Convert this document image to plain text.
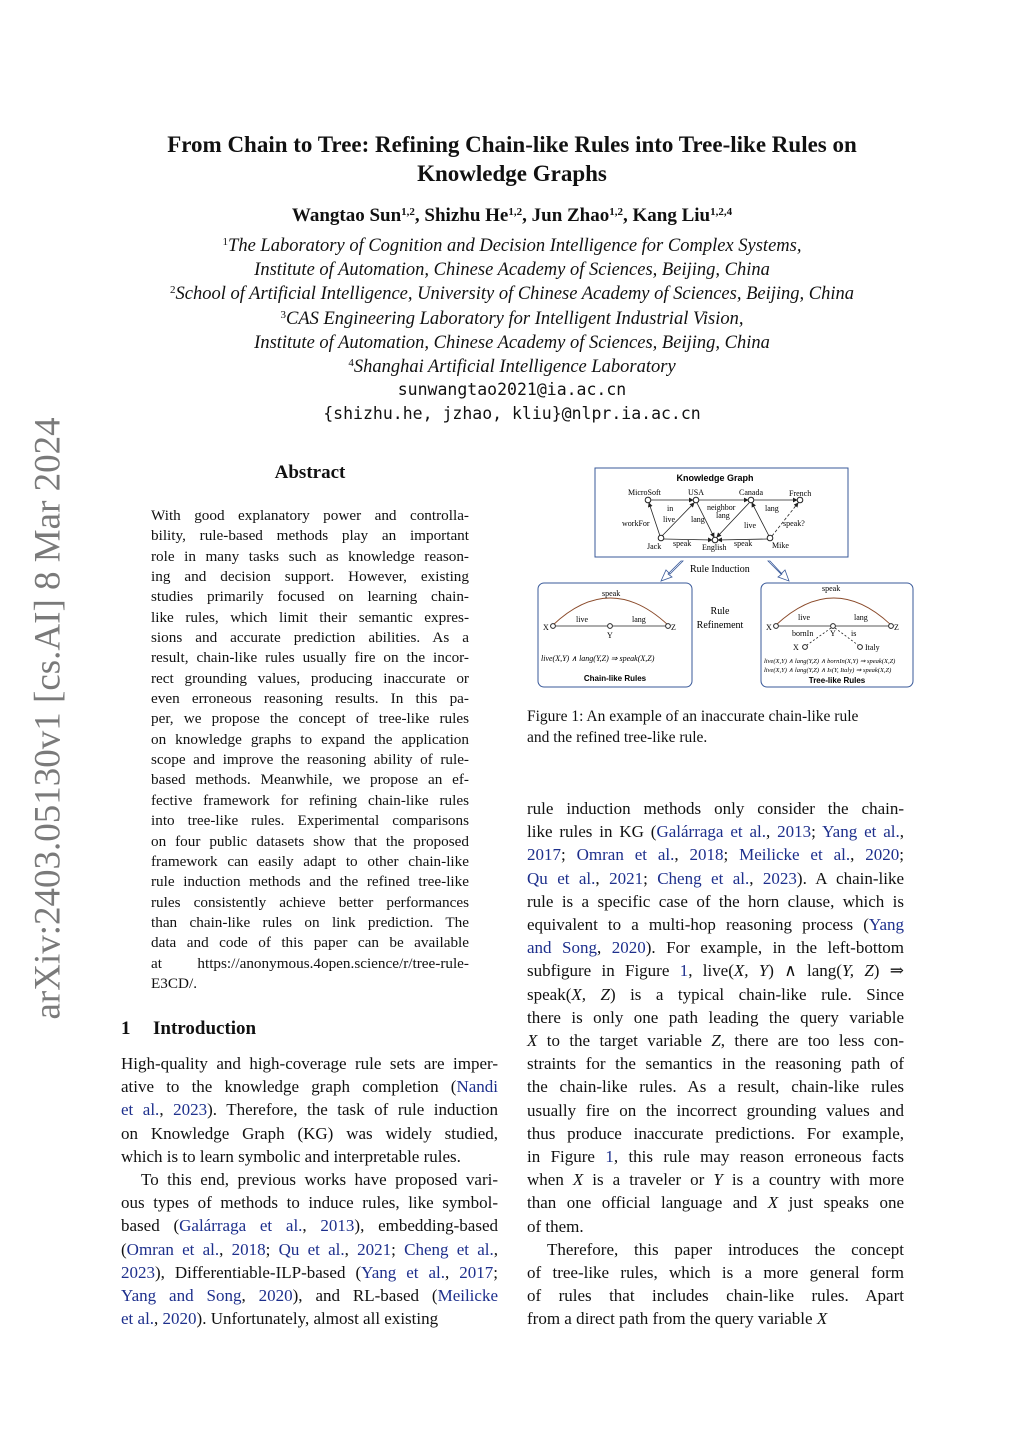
arXiv:2403.05130v1 [cs.AI] 8 Mar 2024
From Chain to Tree: Refining Chain-like Rules into Tree-like Rules on
Knowledge Graphs
Wangtao Sun$^{1,2}$, Shizhu He$^{1,2}$, Jun Zhao$^{1,2}$, Kang Liu$^{1,2,4}$
$^1$The Laboratory of Cognition and Decision Intelligence for Complex Systems,
Institute of Automation, Chinese Academy of Sciences, Beijing, China
$^2$School of Artificial Intelligence, University of Chinese Academy of Sciences, Beijing, China
$^3$CAS Engineering Laboratory for Intelligent Industrial Vision,
Institute of Automation, Chinese Academy of Sciences, Beijing, China
$^4$Shanghai Artificial Intelligence Laboratory
sunwangtao2021@ia.ac.cn
{shizhu.he, jzhao, kliu}@nlpr.ia.ac.cn
Abstract
With good explanatory power and controlla-
bility, rule-based methods play an important
role in many tasks such as knowledge reason-
ing and decision support. However, existing
studies primarily focused on learning chain-
like rules, which limit their semantic expres-
sions and accurate prediction abilities. As a
result, chain-like rules usually fire on the incor-
rect grounding values, producing inaccurate or
even erroneous reasoning results. In this pa-
per, we propose the concept of tree-like rules
on knowledge graphs to expand the application
scope and improve the reasoning ability of rule-
based methods. Meanwhile, we propose an ef-
fective framework for refining chain-like rules
into tree-like rules. Experimental comparisons
on four public datasets show that the proposed
framework can easily adapt to other chain-like
rule induction methods and the refined tree-like
rules consistently achieve better performances
than chain-like rules on link prediction. The
data and code of this paper can be available
at https://anonymous.4open.science/r/tree-rule-
E3CD/.
1 Introduction
High-quality and high-coverage rule sets are imper-
ative to the knowledge graph completion (Nandi
et al., 2023). Therefore, the task of rule induction
on Knowledge Graph (KG) was widely studied,
which is to learn symbolic and interpretable rules.
To this end, previous works have proposed vari-
ous types of methods to induce rules, like symbol-
based (Galárraga et al., 2013), embedding-based
(Omran et al., 2018; Qu et al., 2021; Cheng et al.,
2023), Differentiable-ILP-based (Yang et al., 2017;
Yang and Song, 2020), and RL-based (Meilicke
et al., 2020). Unfortunately, almost all existing
rule induction methods only consider the chain-
like rules in KG (Galárraga et al., 2013; Yang et al.,
2017; Omran et al., 2018; Meilicke et al., 2020;
Qu et al., 2021; Cheng et al., 2023). A chain-like
rule is a specific case of the horn clause, which is
equivalent to a multi-hop reasoning process (Yang
and Song, 2020). For example, in the left-bottom
subfigure in Figure 1, live(X, Y) ∧ lang(Y, Z) ⇒
speak(X, Z) is a typical chain-like rule. Since
there is only one path leading the query variable
X to the target variable Z, there are too less con-
straints for the semantics in the reasoning path of
the chain-like rules. As a result, chain-like rules
usually fire on the incorrect grounding values and
thus produce inaccurate predictions. For example,
in Figure 1, this rule may reason erroneous facts
when X is a traveler or Y is a country with more
than one official language and X just speaks one
of them.
Therefore, this paper introduces the concept
of tree-like rules, which is a more general form
of rules that includes chain-like rules. Apart
from a direct path from the query variable X
Knowledge Graph
MicroSoft	USA	Canada	French
in	neighbor
workFor live lang lang
lang
live	speak?
Jack speak English speak Mike
Rule Induction
speak
X
Y
Z
live	lang
live(X,Y) ∧ lang(Y,Z) ⇒ speak(X,Z)
Chain-like Rules
Rule
Refinement
speak
X
Y
Z
live	lang
bornIn	is
X	Italy
live(X,Y) ∧ lang(Y,Z) ∧ bornIn(X,Y) ⇒ speak(X,Z)
live(X,Y) ∧ lang(Y,Z) ∧ Is(Y, Italy) ⇒ speak(X,Z)
Tree-like Rules
Figure 1: An example of an inaccurate chain-like rule
and the refined tree-like rule.
